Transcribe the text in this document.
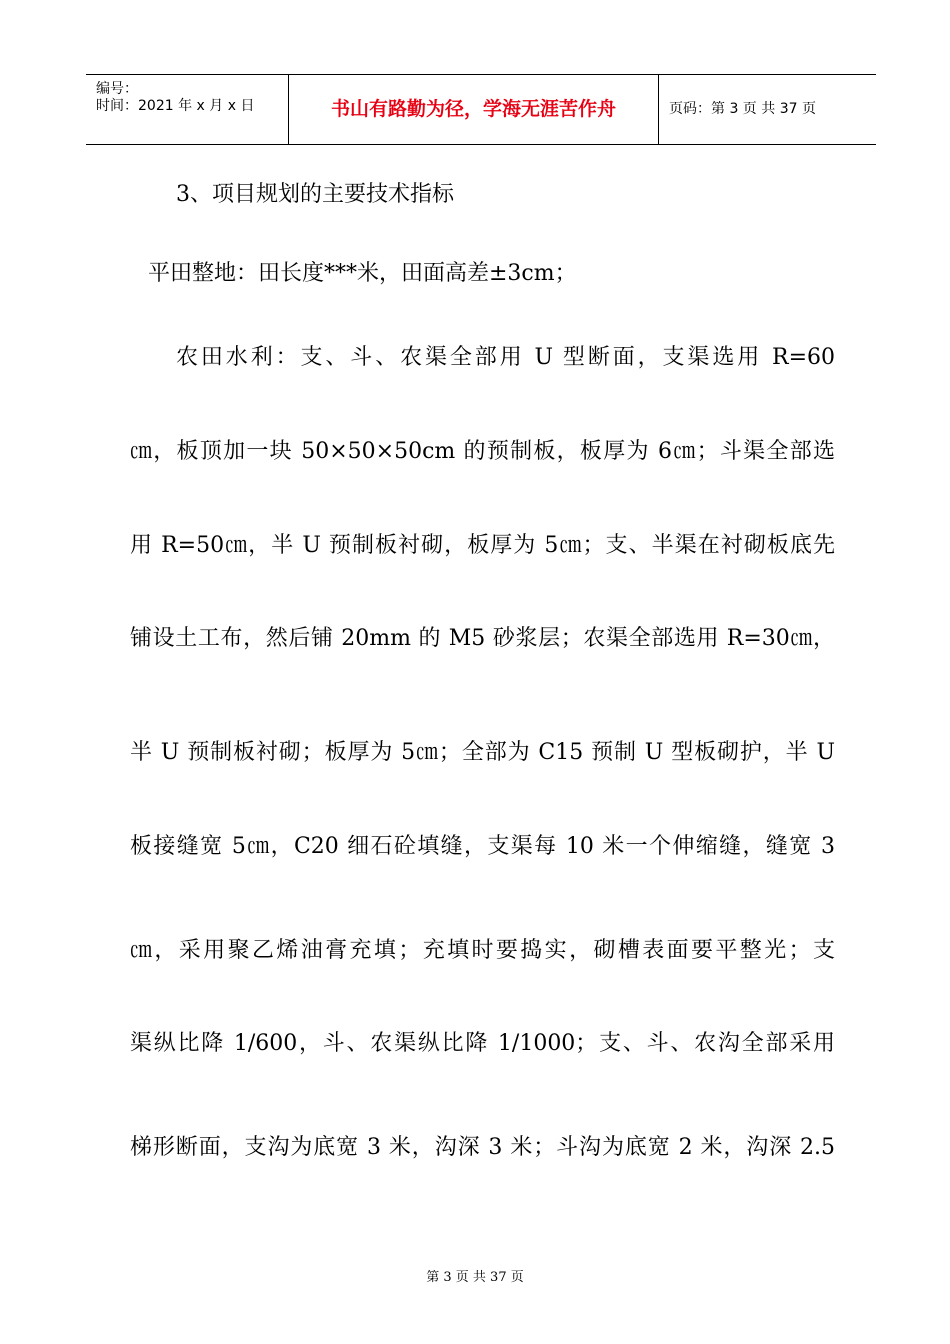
编号：
时间：2021 年 x 月 x 日	书山有路勤为径，学海无涯苦作舟	页码：第 3 页 共 37 页
3、项目规划的主要技术指标
平田整地：田长度***米，田面高差±3cm；
农田水利：支、斗、农渠全部用 U 型断面，支渠选用 R=60
㎝，板顶加一块 50×50×50cm 的预制板，板厚为 6㎝；斗渠全部选
用 R=50㎝，半 U 预制板衬砌，板厚为 5㎝；支、半渠在衬砌板底先
铺设土工布，然后铺 20mm 的 M5 砂浆层；农渠全部选用 R=30㎝，
半 U 预制板衬砌；板厚为 5㎝；全部为 C15 预制 U 型板砌护，半 U
板接缝宽 5㎝，C20 细石砼填缝，支渠每 10 米一个伸缩缝，缝宽 3
㎝，采用聚乙烯油膏充填；充填时要捣实，砌槽表面要平整光；支
渠纵比降 1/600，斗、农渠纵比降 1/1000；支、斗、农沟全部采用
梯形断面，支沟为底宽 3 米，沟深 3 米；斗沟为底宽 2 米，沟深 2.5
第 3 页 共 37 页
